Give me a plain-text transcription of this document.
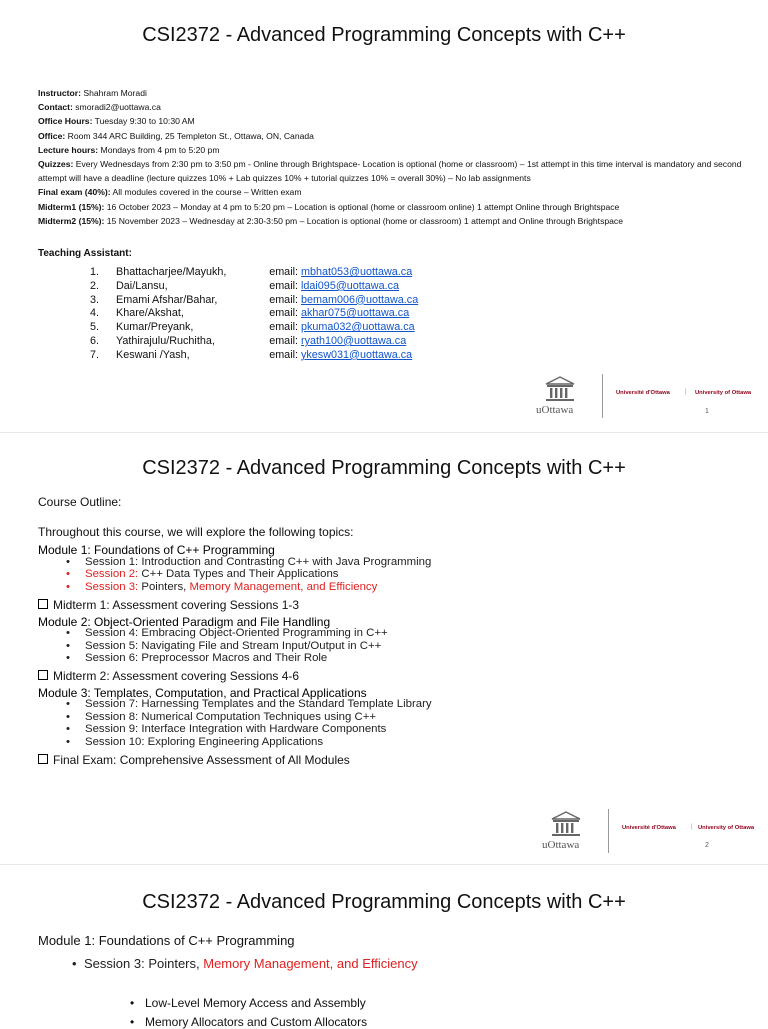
CSI2372 - Advanced Programming Concepts with C++
Instructor: Shahram Moradi
Contact: smoradi2@uottawa.ca
Office Hours: Tuesday 9:30 to 10:30 AM
Office: Room 344 ARC Building, 25 Templeton St., Ottawa, ON, Canada
Lecture hours: Mondays from 4 pm to 5:20 pm
Quizzes: Every Wednesdays from 2:30 pm to 3:50 pm - Online through Brightspace- Location is optional (home or classroom) – 1st attempt in this time interval is mandatory and second attempt will have a deadline (lecture quizzes 10% + Lab quizzes 10% + tutorial quizzes 10% = overall 30%) – No lab assignments
Final exam (40%): All modules covered in the course – Written exam
Midterm1 (15%): 16 October 2023 – Monday at 4 pm to 5:20 pm – Location is optional (home or classroom online) 1 attempt Online through Brightspace
Midterm2 (15%): 15 November 2023 – Wednesday at 2:30-3:50 pm – Location is optional (home or classroom) 1 attempt and Online through Brightspace
Teaching Assistant:
1.	Bhattacharjee/Mayukh,	email: mbhat053@uottawa.ca
2.	Dai/Lansu,	email: ldai095@uottawa.ca
3.	Emami Afshar/Bahar,	email: bemam006@uottawa.ca
4.	Khare/Akshat,	email: akhar075@uottawa.ca
5.	Kumar/Preyank,	email: pkuma032@uottawa.ca
6.	Yathirajulu/Ruchitha,	email: ryath100@uottawa.ca
7.	Keswani /Yash,	email: ykesw031@uottawa.ca
uOttawa
Université d'Ottawa	| University of Ottawa
1
CSI2372 - Advanced Programming Concepts with C++
Course Outline:
Throughout this course, we will explore the following topics:
Module 1: Foundations of C++ Programming
• Session 1: Introduction and Contrasting C++ with Java Programming
• Session 2: C++ Data Types and Their Applications
• Session 3: Pointers, Memory Management, and Efficiency
Midterm 1: Assessment covering Sessions 1-3
Module 2: Object-Oriented Paradigm and File Handling
• Session 4: Embracing Object-Oriented Programming in C++
• Session 5: Navigating File and Stream Input/Output in C++
• Session 6: Preprocessor Macros and Their Role
Midterm 2: Assessment covering Sessions 4-6
Module 3: Templates, Computation, and Practical Applications
• Session 7: Harnessing Templates and the Standard Template Library
• Session 8: Numerical Computation Techniques using C++
• Session 9: Interface Integration with Hardware Components
• Session 10: Exploring Engineering Applications
Final Exam: Comprehensive Assessment of All Modules
uOttawa
Université d'Ottawa	| University of Ottawa
2
CSI2372 - Advanced Programming Concepts with C++
Module 1: Foundations of C++ Programming
• Session 3: Pointers, Memory Management, and Efficiency
• Low-Level Memory Access and Assembly
• Memory Allocators and Custom Allocators
